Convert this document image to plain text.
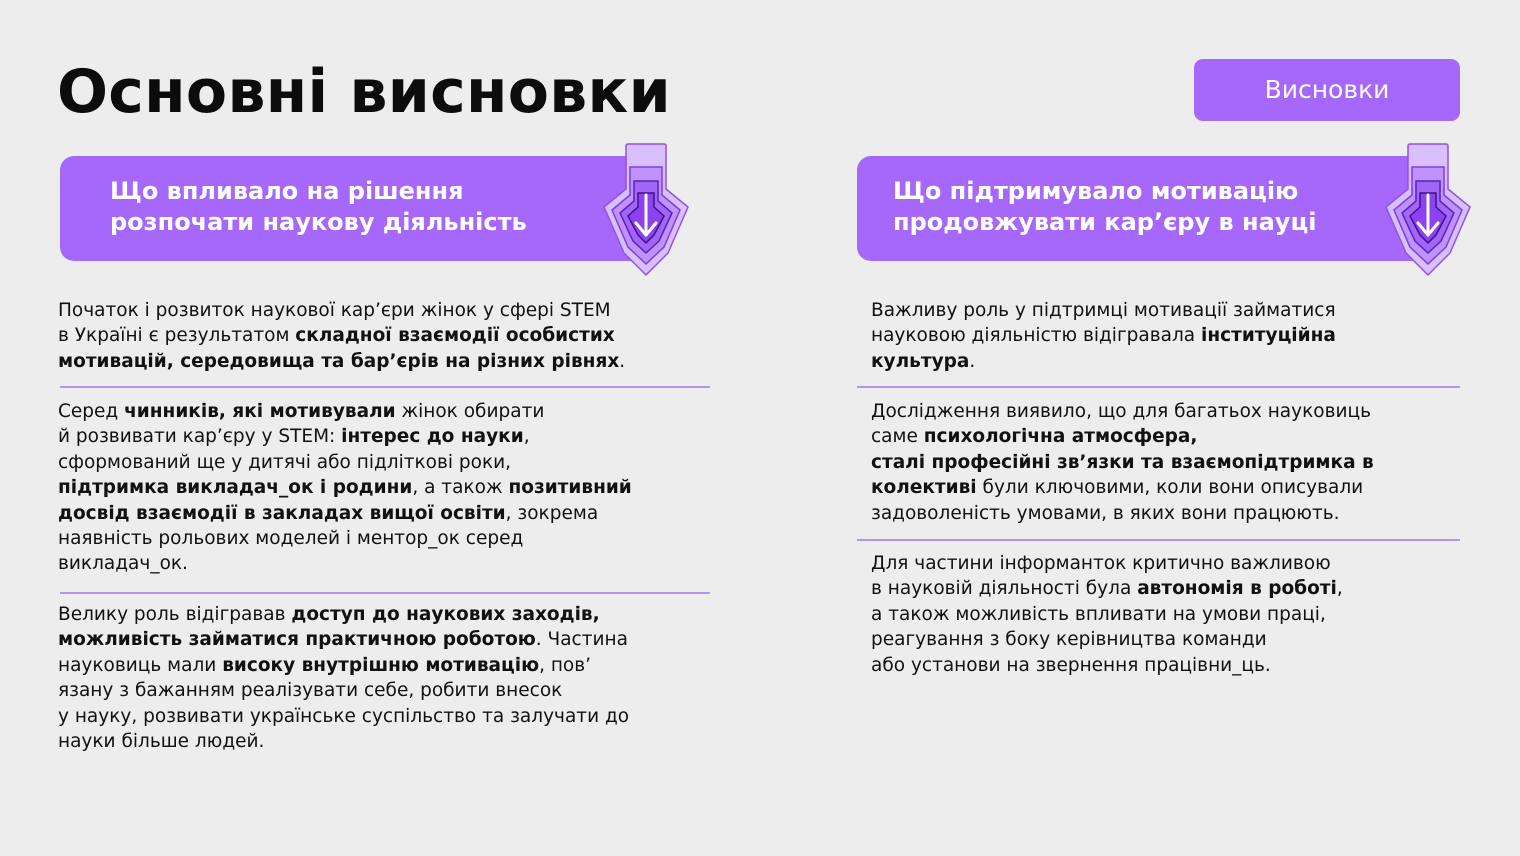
Основні висновки	Висновки
Що впливало на рішення
розпочати наукову діяльність
Що підтримувало мотивацію
продовжувати кар’єру в науці

Початок і розвиток наукової кар’єри жінок у сфері STEM
в Україні є результатом складної взаємодії особистих
мотивацій, середовища та бар’єрів на різних рівнях.

Серед чинників, які мотивували жінок обирати
й розвивати кар’єру у STEM: інтерес до науки,
сформований ще у дитячі або підліткові роки,
підтримка викладач_ок і родини, а також позитивний
досвід взаємодії в закладах вищої освіти, зокрема
наявність рольових моделей і ментор_ок серед
викладач_ок.

Велику роль відігравав доступ до наукових заходів,
можливість займатися практичною роботою. Частина
науковиць мали високу внутрішню мотивацію, пов’
язану з бажанням реалізувати себе, робити внесок
у науку, розвивати українське суспільство та залучати до
науки більше людей.

Важливу роль у підтримці мотивації займатися
науковою діяльністю відігравала інституційна
культура.

Дослідження виявило, що для багатьох науковиць
саме психологічна атмосфера,
сталі професійні зв’язки та взаємопідтримка в
колективі були ключовими, коли вони описували
задоволеність умовами, в яких вони працюють.

Для частини інформанток критично важливою
в науковій діяльності була автономія в роботі,
а також можливість впливати на умови праці,
реагування з боку керівництва команди
або установи на звернення працівни_ць.
